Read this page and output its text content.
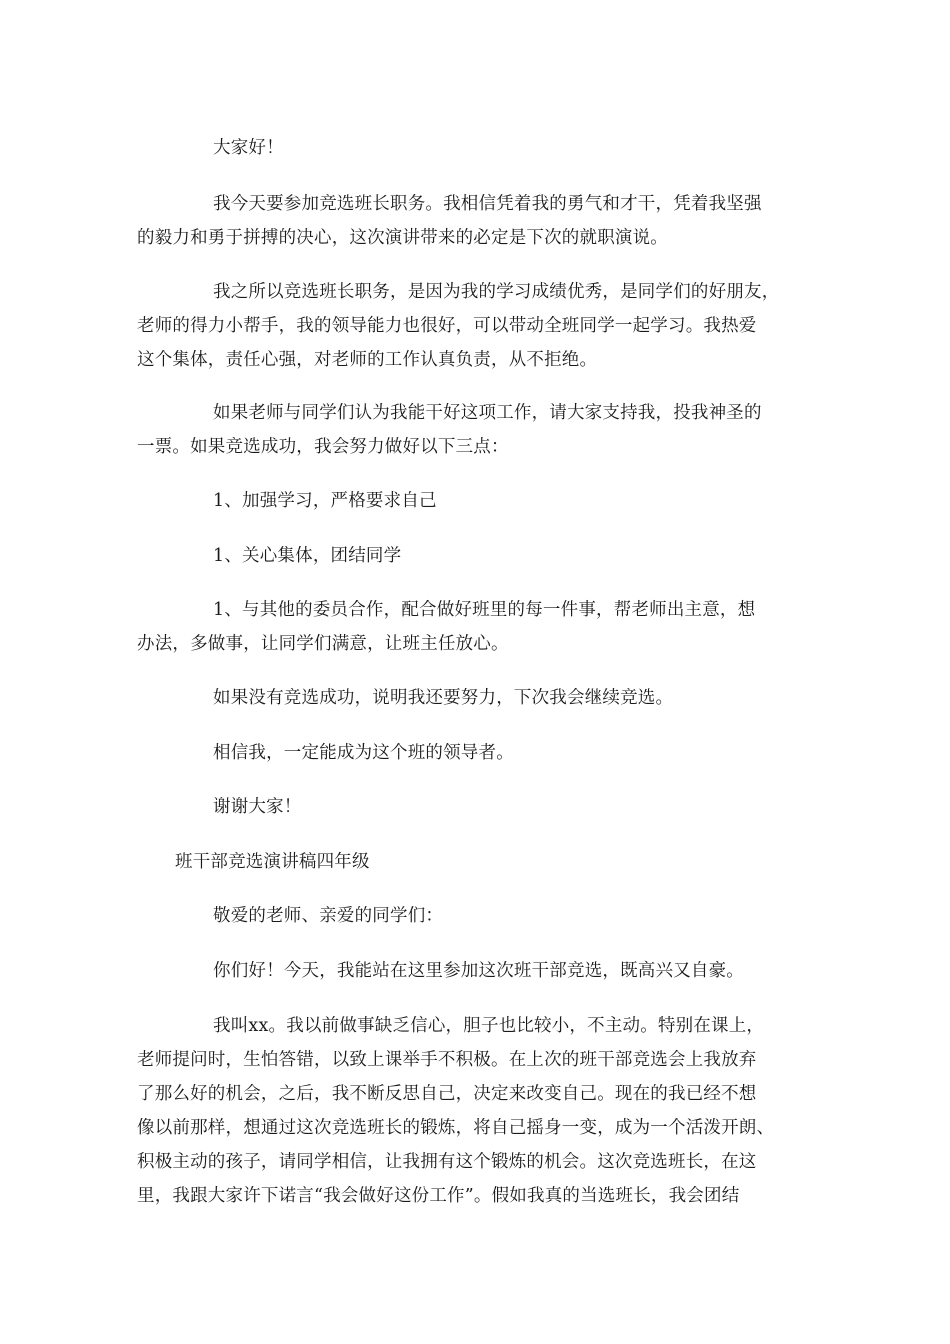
大家好！
我今天要参加竞选班长职务。我相信凭着我的勇气和才干，凭着我坚强
的毅力和勇于拼搏的决心，这次演讲带来的必定是下次的就职演说。
我之所以竞选班长职务，是因为我的学习成绩优秀，是同学们的好朋友，
老师的得力小帮手，我的领导能力也很好，可以带动全班同学一起学习。我热爱
这个集体，责任心强，对老师的工作认真负责，从不拒绝。
如果老师与同学们认为我能干好这项工作，请大家支持我，投我神圣的
一票。如果竞选成功，我会努力做好以下三点：
1、加强学习，严格要求自己
1、关心集体，团结同学
1、与其他的委员合作，配合做好班里的每一件事，帮老师出主意，想
办法，多做事，让同学们满意，让班主任放心。
如果没有竞选成功，说明我还要努力，下次我会继续竞选。
相信我，一定能成为这个班的领导者。
谢谢大家！
班干部竞选演讲稿四年级
敬爱的老师、亲爱的同学们：
你们好！今天，我能站在这里参加这次班干部竞选，既高兴又自豪。
我叫xx。我以前做事缺乏信心，胆子也比较小，不主动。特别在课上，
老师提问时，生怕答错，以致上课举手不积极。在上次的班干部竞选会上我放弃
了那么好的机会，之后，我不断反思自己，决定来改变自己。现在的我已经不想
像以前那样，想通过这次竞选班长的锻炼，将自己摇身一变，成为一个活泼开朗、
积极主动的孩子，请同学相信，让我拥有这个锻炼的机会。这次竞选班长，在这
里，我跟大家许下诺言“我会做好这份工作”。假如我真的当选班长，我会团结
